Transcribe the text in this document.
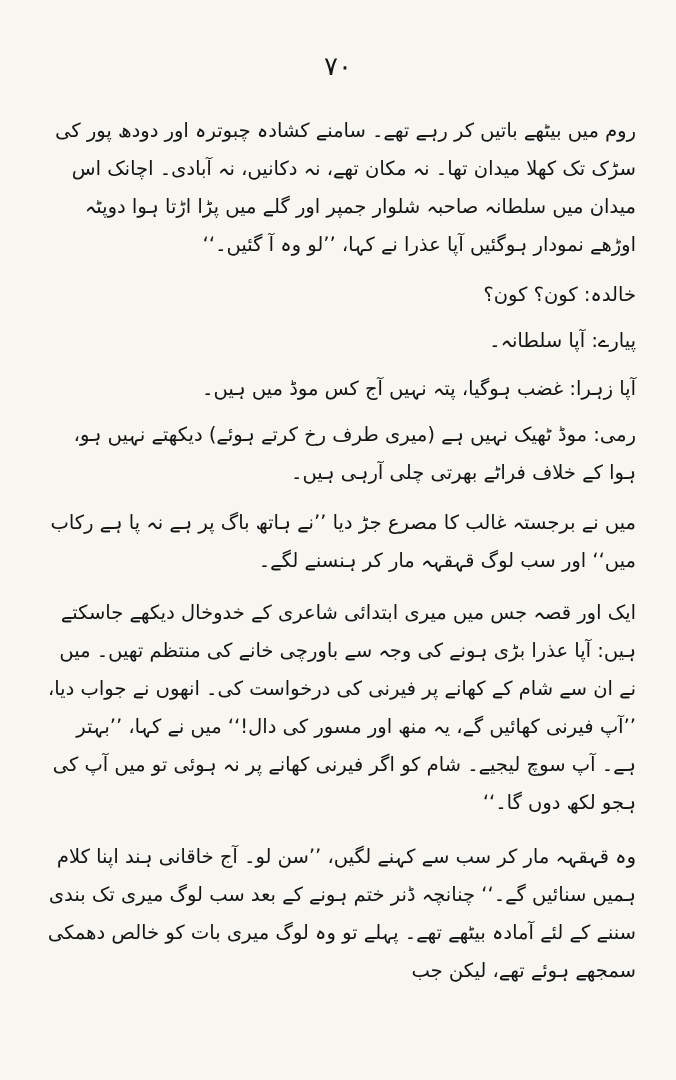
۷۰

روم میں بیٹھے باتیں کر رہے تھے۔ سامنے کشادہ چبوترہ اور دودھ پور کی سڑک تک کھلا میدان تھا۔ نہ مکان تھے، نہ دکانیں، نہ آبادی۔ اچانک اس میدان میں سلطانہ صاحبہ شلوار جمپر اور گلے میں پڑا اڑتا ہوا دوپٹہ اوڑھے نمودار ہوگئیں آپا عذرا نے کہا، ’’لو وہ آ گئیں۔‘‘

خالدہ: کون؟ کون؟

پیارے: آپا سلطانہ۔

آپا زہرا: غضب ہوگیا، پتہ نہیں آج کس موڈ میں ہیں۔

رمی: موڈ ٹھیک نہیں ہے (میری طرف رخ کرتے ہوئے) دیکھتے نہیں ہو، ہوا کے خلاف فراٹے بھرتی چلی آرہی ہیں۔

میں نے برجستہ غالب کا مصرع جڑ دیا ’’نے ہاتھ باگ پر ہے نہ پا ہے رکاب میں‘‘ اور سب لوگ قہقہہ مار کر ہنسنے لگے۔

ایک اور قصہ جس میں میری ابتدائی شاعری کے خدوخال دیکھے جاسکتے ہیں: آپا عذرا بڑی ہونے کی وجہ سے باورچی خانے کی منتظم تھیں۔ میں نے ان سے شام کے کھانے پر فیرنی کی درخواست کی۔ انھوں نے جواب دیا، ’’آپ فیرنی کھائیں گے، یہ منھ اور مسور کی دال!‘‘ میں نے کہا، ’’بہتر ہے۔ آپ سوچ لیجیے۔ شام کو اگر فیرنی کھانے پر نہ ہوئی تو میں آپ کی ہجو لکھ دوں گا۔‘‘

وہ قہقہہ مار کر سب سے کہنے لگیں، ’’سن لو۔ آج خاقانی ہند اپنا کلام ہمیں سنائیں گے۔‘‘ چنانچہ ڈنر ختم ہونے کے بعد سب لوگ میری تک بندی سننے کے لئے آمادہ بیٹھے تھے۔ پہلے تو وہ لوگ میری بات کو خالص دھمکی سمجھے ہوئے تھے، لیکن جب
